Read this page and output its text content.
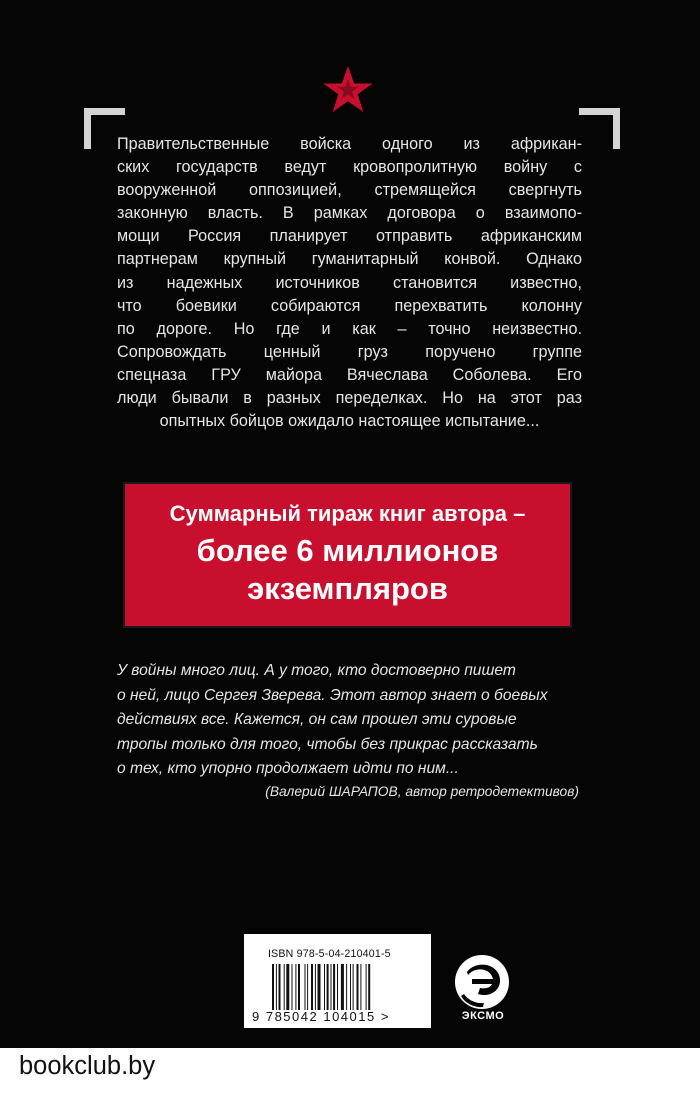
Правительственные войска одного из африкан-
ских государств ведут кровопролитную войну с
вооруженной оппозицией, стремящейся свергнуть
законную власть. В рамках договора о взаимопо-
мощи Россия планирует отправить африканским
партнерам крупный гуманитарный конвой. Однако
из надежных источников становится известно,
что боевики собираются перехватить колонну
по дороге. Но где и как – точно неизвестно.
Сопровождать ценный груз поручено группе
спецназа ГРУ майора Вячеслава Соболева. Его
люди бывали в разных переделках. Но на этот раз
опытных бойцов ожидало настоящее испытание...
Суммарный тираж книг автора –
более 6 миллионов
экземпляров
У войны много лиц. А у того, кто достоверно пишет
о ней, лицо Сергея Зверева. Этот автор знает о боевых
действиях все. Кажется, он сам прошел эти суровые
тропы только для того, чтобы без прикрас рассказать
о тех, кто упорно продолжает идти по ним...
(Валерий ШАРАПОВ, автор ретродетективов)
ISBN 978-5-04-210401-5
9 785042 104015 >	ЭКСМО
bookclub.by
